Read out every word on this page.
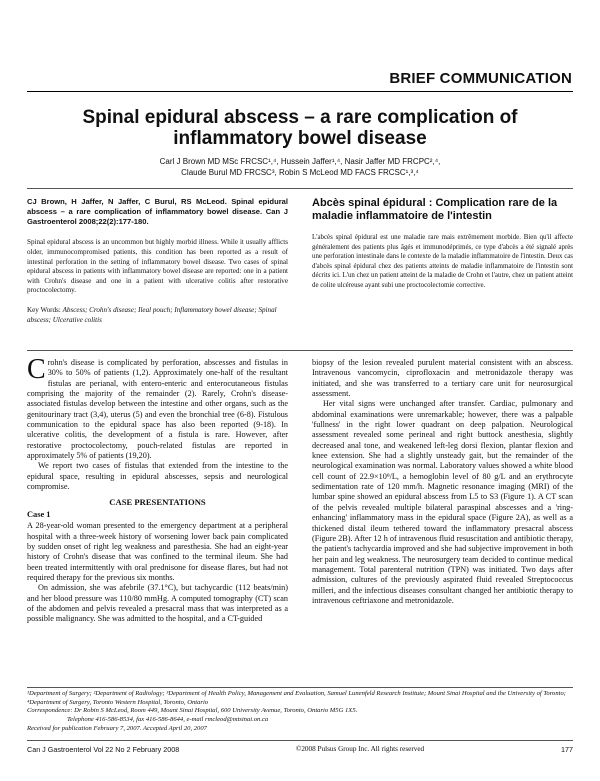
BRIEF COMMUNICATION
Spinal epidural abscess – a rare complication of
inflammatory bowel disease
Carl J Brown MD MSc FRCSC¹,⁴, Hussein Jaffer¹,⁴, Nasir Jaffer MD FRCPC²,⁴,
Claude Burul MD FRCSC³, Robin S McLeod MD FACS FRCSC¹,³,⁴
CJ Brown, H Jaffer, N Jaffer, C Burul, RS McLeod. Spinal epidural abscess – a rare complication of inflammatory bowel disease. Can J Gastroenterol 2008;22(2):177-180.
Spinal epidural abscess is an uncommon but highly morbid illness. While it usually afflicts older, immunocompromised patients, this condition has been reported as a result of intestinal perforation in the setting of inflammatory bowel disease. Two cases of spinal epidural abscess in patients with inflammatory bowel disease are reported: one in a patient with Crohn's disease and one in a patient with ulcerative colitis after restorative proctocolectomy.
Key Words: Abscess; Crohn's disease; Ileal pouch; Inflammatory bowel disease; Spinal abscess; Ulcerative colitis
Abcès spinal épidural : Complication rare de la maladie inflammatoire de l'intestin
L'abcès spinal épidural est une maladie rare mais extrêmement morbide. Bien qu'il affecte généralement des patients plus âgés et immunodéprimés, ce type d'abcès a été signalé après une perforation intestinale dans le contexte de la maladie inflammatoire de l'intestin. Deux cas d'abcès spinal épidural chez des patients atteints de maladie inflammatoire de l'intestin sont décrits ici. L'un chez un patient atteint de la maladie de Crohn et l'autre, chez un patient atteint de colite ulcéreuse ayant subi une proctocolectomie corrective.

Crohn's disease is complicated by perforation, abscesses and fistulas in 30% to 50% of patients (1,2). Approximately one-half of the resultant fistulas are perianal, with entero-enteric and enterocutaneous fistulas comprising the majority of the remainder (2). Rarely, Crohn's disease-associated fistulas develop between the intestine and other organs, such as the genitourinary tract (3,4), uterus (5) and even the bronchial tree (6-8). Fistulous communication to the epidural space has also been reported (9-18). In ulcerative colitis, the development of a fistula is rare. However, after restorative proctocolectomy, pouch-related fistulas are reported in approximately 5% of patients (19,20).

We report two cases of fistulas that extended from the intestine to the epidural space, resulting in epidural abscesses, sepsis and neurological compromise.

CASE PRESENTATIONS
Case 1

A 28-year-old woman presented to the emergency department at a peripheral hospital with a three-week history of worsening lower back pain complicated by sudden onset of right leg weakness and paresthesia. She had an eight-year history of Crohn's disease that was confined to the terminal ileum. She had been treated intermittently with oral prednisone for disease flares, but had not required therapy for the previous six months.

On admission, she was afebrile (37.1°C), but tachycardic (112 beats/min) and her blood pressure was 110/80 mmHg. A computed tomography (CT) scan of the abdomen and pelvis revealed a presacral mass that was interpreted as a possible malignancy. She was admitted to the hospital, and a CT-guided

biopsy of the lesion revealed purulent material consistent with an abscess. Intravenous vancomycin, ciprofloxacin and metronidazole therapy was initiated, and she was transferred to a tertiary care unit for neurosurgical assessment.

Her vital signs were unchanged after transfer. Cardiac, pulmonary and abdominal examinations were unremarkable; however, there was a palpable 'fullness' in the right lower quadrant on deep palpation. Neurological assessment revealed some perineal and right buttock anesthesia, slightly decreased anal tone, and weakened left-leg dorsi flexion, plantar flexion and knee extension. She had a slightly unsteady gait, but the remainder of the neurological examination was normal. Laboratory values showed a white blood cell count of 22.9×10⁹/L, a hemoglobin level of 80 g/L and an erythrocyte sedimentation rate of 120 mm/h. Magnetic resonance imaging (MRI) of the lumbar spine showed an epidural abscess from L5 to S3 (Figure 1). A CT scan of the pelvis revealed multiple bilateral paraspinal abscesses and a 'ring-enhancing' inflammatory mass in the epidural space (Figure 2A), as well as a thickened distal ileum tethered toward the inflammatory presacral abscess (Figure 2B). After 12 h of intravenous fluid resuscitation and antibiotic therapy, the patient's tachycardia improved and she had subjective improvement in both her pain and leg weakness. The neurosurgery team decided to continue medical management. Total parenteral nutrition (TPN) was initiated. Two days after admission, cultures of the previously aspirated fluid revealed Streptococcus milleri, and the infectious diseases consultant changed her antibiotic therapy to intravenous ceftriaxone and metronidazole.

¹Department of Surgery; ²Department of Radiology; ³Department of Health Policy, Management and Evaluation, Samuel Lunenfeld Research Institute; Mount Sinai Hospital and the University of Toronto; ⁴Department of Surgery, Toronto Western Hospital, Toronto, Ontario
Correspondence: Dr Robin S McLeod, Room 449, Mount Sinai Hospital, 600 University Avenue, Toronto, Ontario M5G 1X5.
Telephone 416-586-8534, fax 416-586-8644, e-mail rmcleod@mtsinai.on.ca
Received for publication February 7, 2007. Accepted April 20, 2007
Can J Gastroenterol Vol 22 No 2 February 2008	©2008 Pulsus Group Inc. All rights reserved	177
